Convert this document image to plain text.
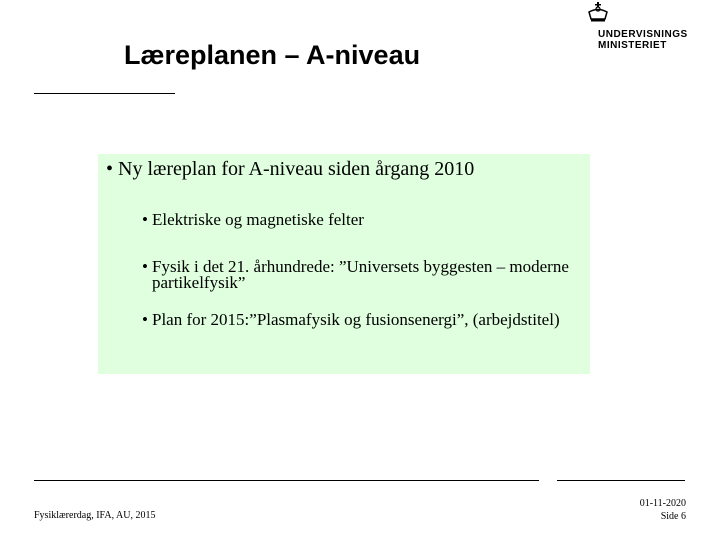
Læreplanen – A-niveau
UNDERVISNINGS
MINISTERIET
• Ny læreplan for A-niveau siden årgang 2010
• Elektriske og magnetiske felter
• Fysik i det 21. århundrede: ”Universets byggesten – moderne partikelfysik”
• Plan for 2015:”Plasmafysik og fusionsenergi”, (arbejdstitel)
Fysiklærerdag, IFA, AU, 2015
01-11-2020
Side 6
